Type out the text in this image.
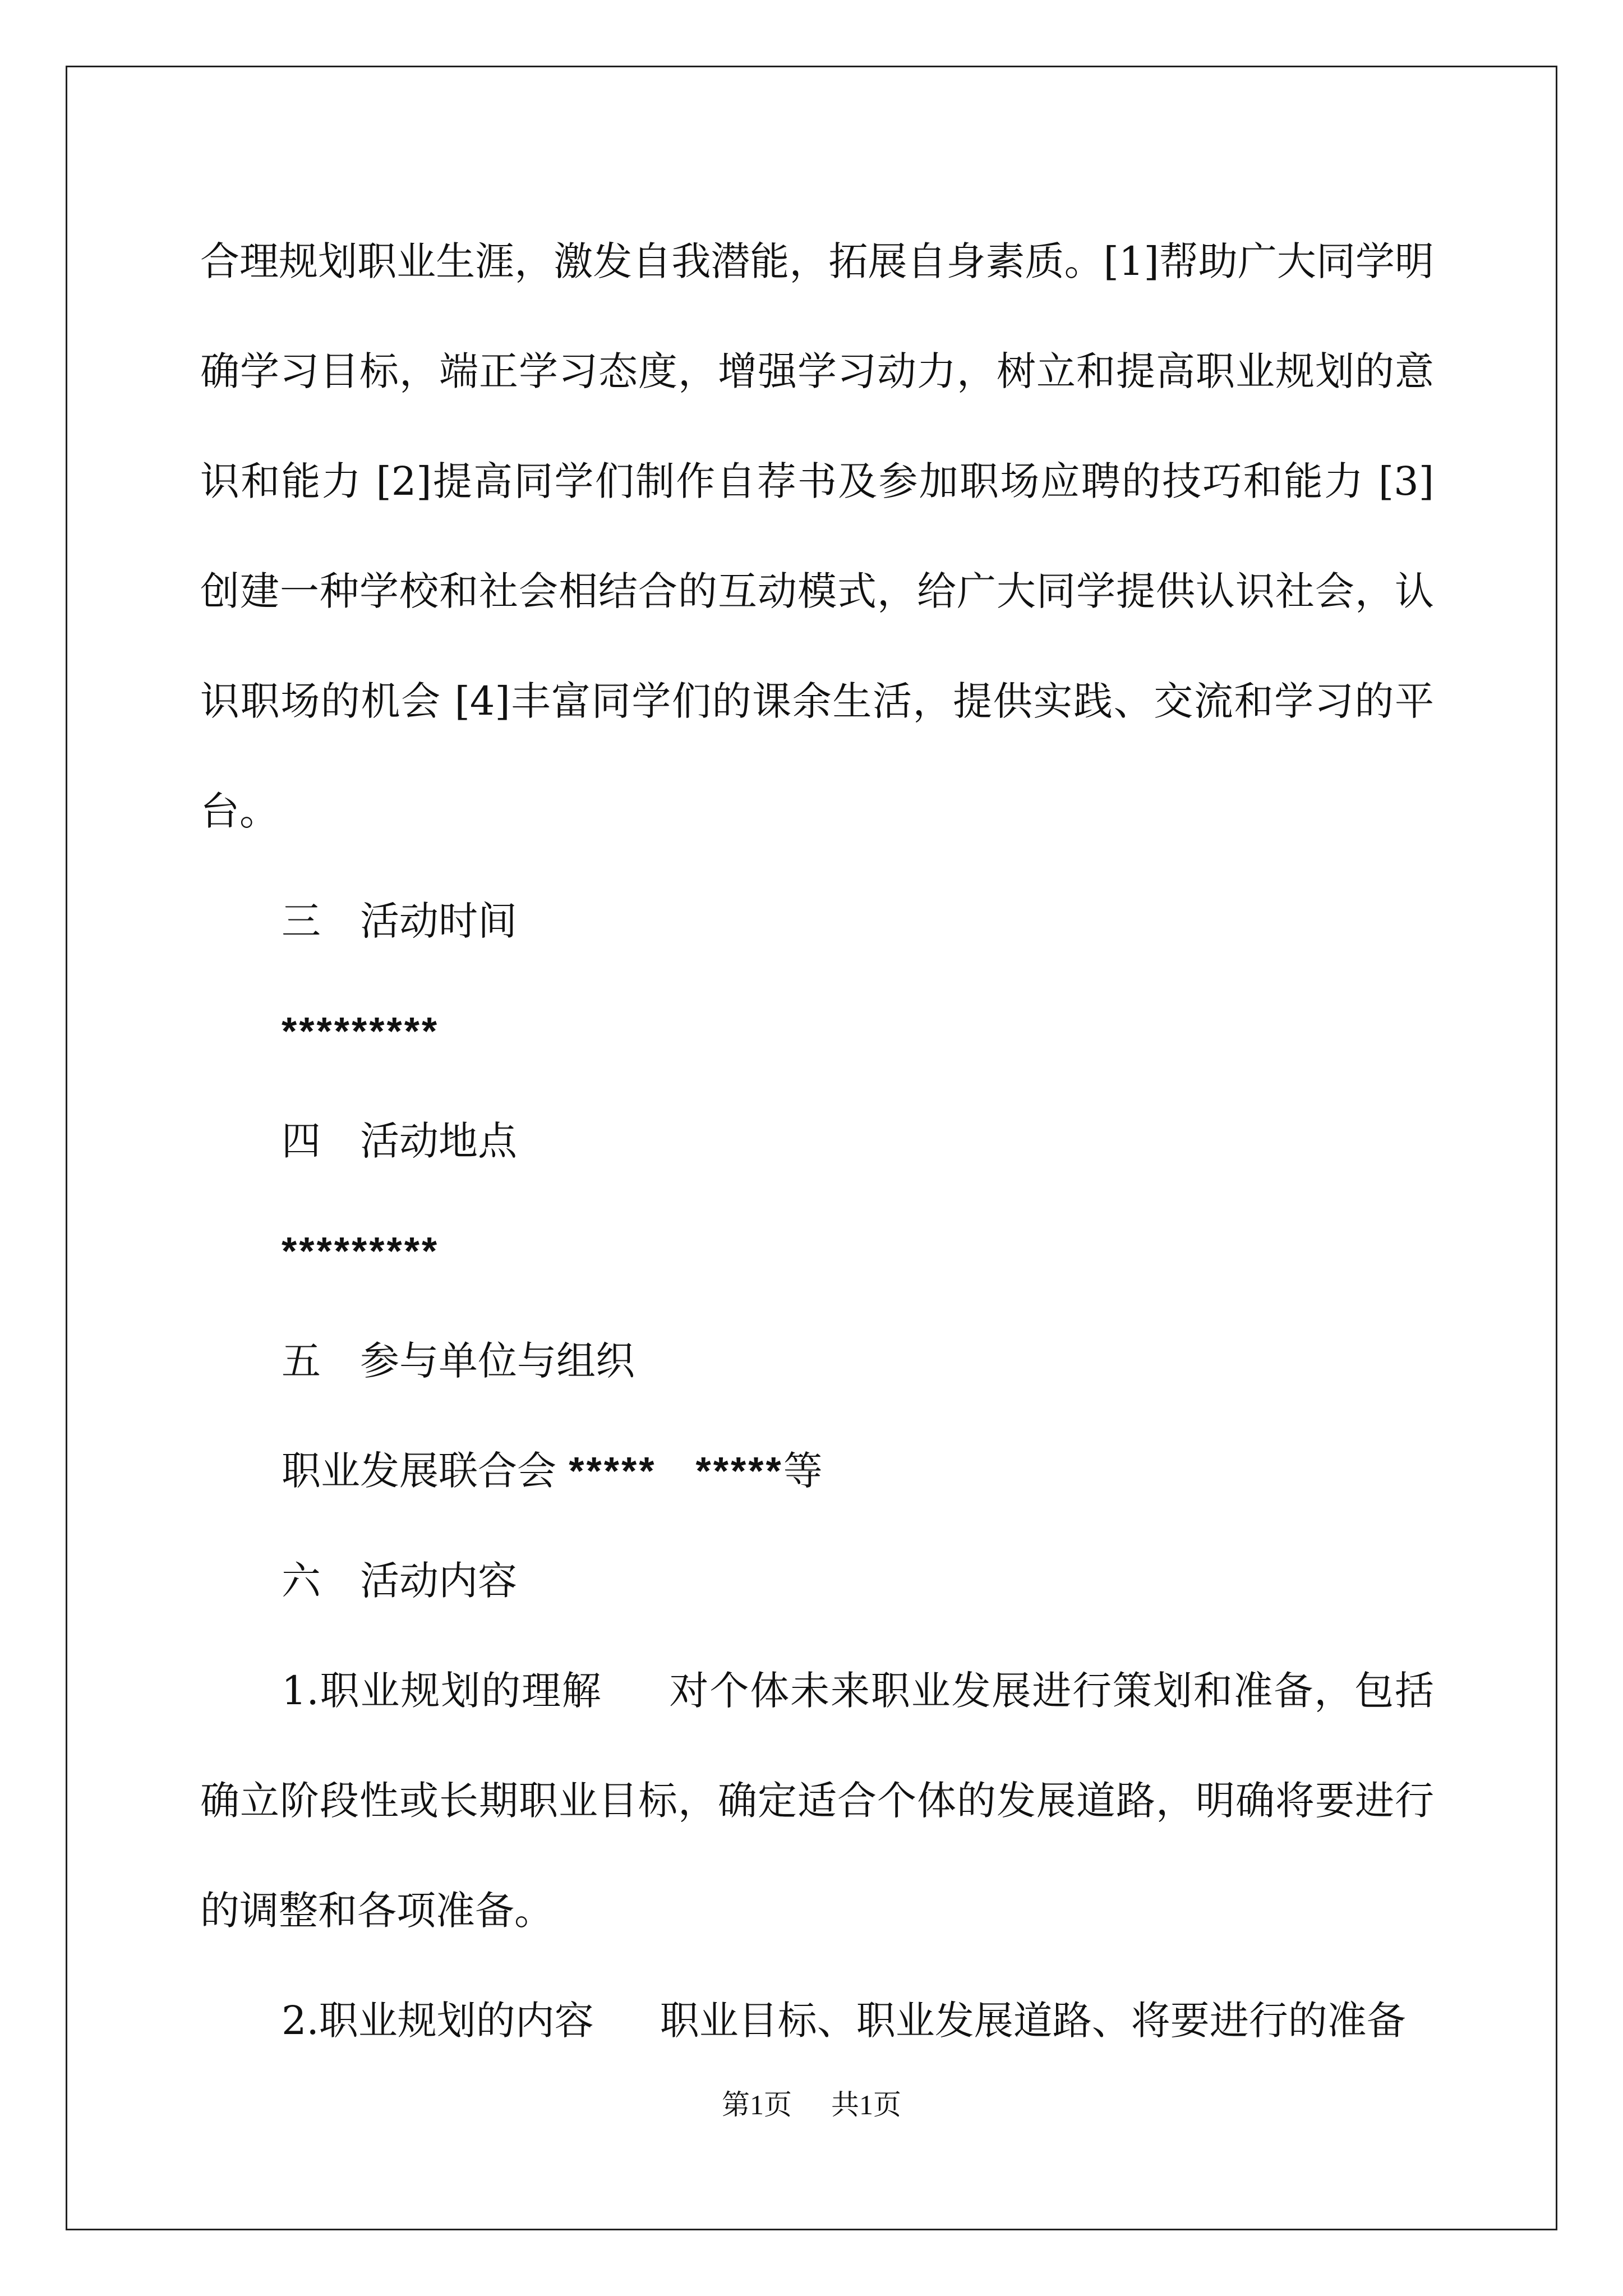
合理规划职业生涯，激发自我潜能，拓展自身素质。[1]帮助广大同学明确学习目标，端正学习态度，增强学习动力，树立和提高职业规划的意识和能力 [2]提高同学们制作自荐书及参加职场应聘的技巧和能力 [3]创建一种学校和社会相结合的互动模式，给广大同学提供认识社会，认识职场的机会 [4]丰富同学们的课余生活，提供实践、交流和学习的平台。

三 活动时间

*********

四 活动地点

*********

五 参与单位与组织

职业发展联合会 ***** *****等

六 活动内容

1.职业规划的理解 对个体未来职业发展进行策划和准备，包括确立阶段性或长期职业目标，确定适合个体的发展道路，明确将要进行的调整和各项准备。

2.职业规划的内容 职业目标、职业发展道路、将要进行的准备

第1页 共1页
